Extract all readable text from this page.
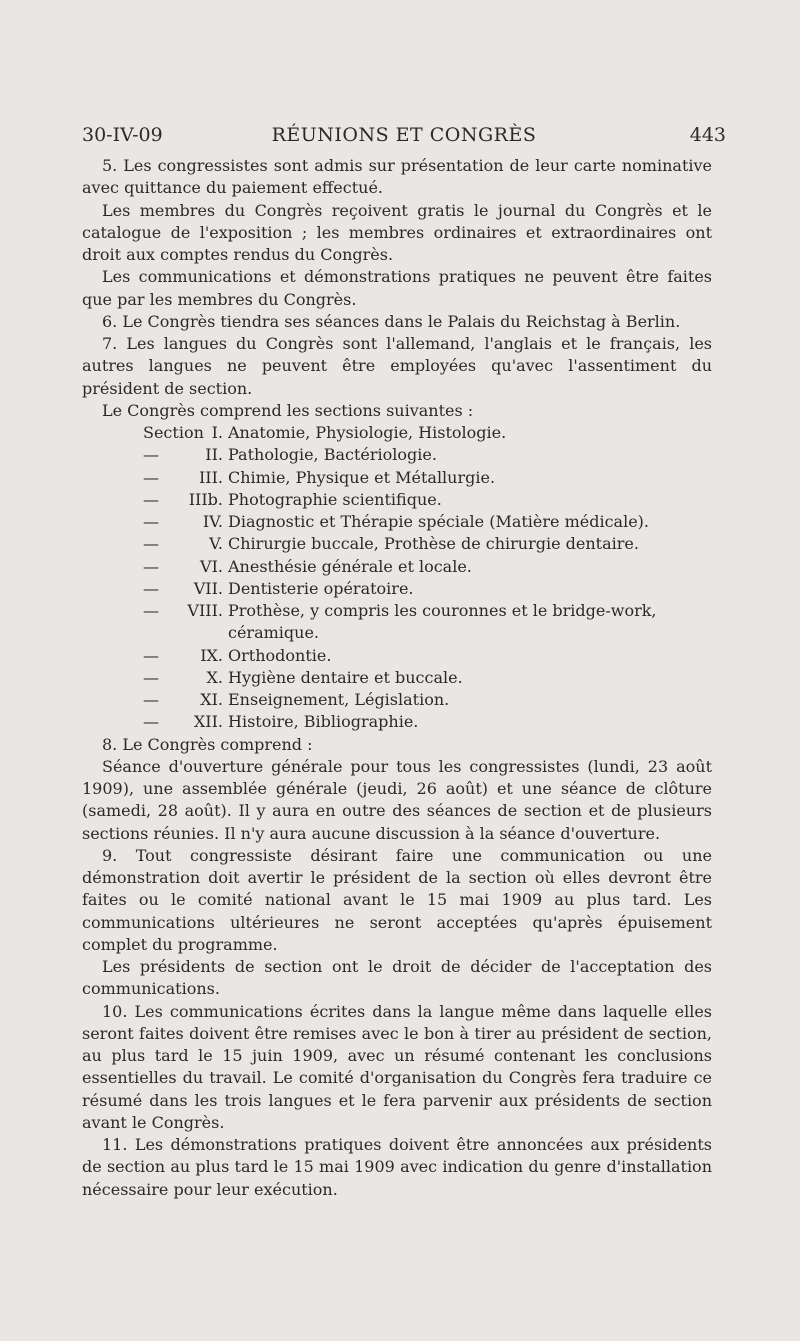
30-IV-09	RÉUNIONS ET CONGRÈS	443

5. Les congressistes sont admis sur présentation de leur carte nominative avec quittance du paiement effectué.

Les membres du Congrès reçoivent gratis le journal du Congrès et le catalogue de l'exposition ; les membres ordinaires et extraordinaires ont droit aux comptes rendus du Congrès.

Les communications et démonstrations pratiques ne peuvent être faites que par les membres du Congrès.

6. Le Congrès tiendra ses séances dans le Palais du Reichstag à Berlin.

7. Les langues du Congrès sont l'allemand, l'anglais et le français, les autres langues ne peuvent être employées qu'avec l'assentiment du président de section.

Le Congrès comprend les sections suivantes :

Section I. Anatomie, Physiologie, Histologie.
—	II. Pathologie, Bactériologie.
— III. Chimie, Physique et Métallurgie.
— IIIb. Photographie scientifique.
—	IV. Diagnostic et Thérapie spéciale (Matière médicale).
—	V. Chirurgie buccale, Prothèse de chirurgie dentaire.
—	VI. Anesthésie générale et locale.
— VII. Dentisterie opératoire.
— VIII. Prothèse, y compris les couronnes et le bridge-work, céramique.
—	IX. Orthodontie.
—	X. Hygiène dentaire et buccale.
—	XI. Enseignement, Législation.
— XII. Histoire, Bibliographie.

8. Le Congrès comprend :

Séance d'ouverture générale pour tous les congressistes (lundi, 23 août 1909), une assemblée générale (jeudi, 26 août) et une séance de clôture (samedi, 28 août). Il y aura en outre des séances de section et de plusieurs sections réunies. Il n'y aura aucune discussion à la séance d'ouverture.

9. Tout congressiste désirant faire une communication ou une démonstration doit avertir le président de la section où elles devront être faites ou le comité national avant le 15 mai 1909 au plus tard. Les communications ultérieures ne seront acceptées qu'après épuisement complet du programme.

Les présidents de section ont le droit de décider de l'acceptation des communications.

10. Les communications écrites dans la langue même dans laquelle elles seront faites doivent être remises avec le bon à tirer au président de section, au plus tard le 15 juin 1909, avec un résumé contenant les conclusions essentielles du travail. Le comité d'organisation du Congrès fera traduire ce résumé dans les trois langues et le fera parvenir aux présidents de section avant le Congrès.

11. Les démonstrations pratiques doivent être annoncées aux présidents de section au plus tard le 15 mai 1909 avec indication du genre d'installation nécessaire pour leur exécution.
